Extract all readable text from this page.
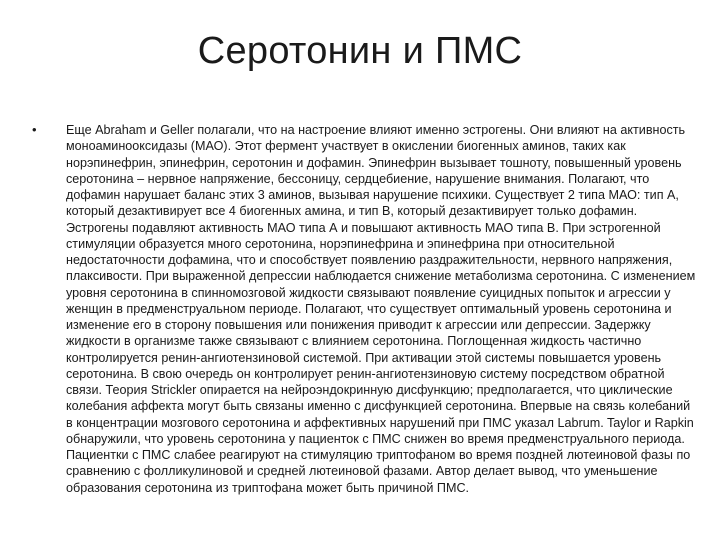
Серотонин и ПМС
• Еще Abraham и Geller полагали, что на настроение влияют именно эстрогены. Они влияют на активность моноаминооксидазы (МАО). Этот фермент участвует в окислении биогенных аминов, таких как норэпинефрин, эпинефрин, серотонин и дофамин. Эпинефрин вызывает тошноту, повышенный уровень серотонина – нервное напряжение, бессоницу, сердцебиение, нарушение внимания. Полагают, что дофамин нарушает баланс этих 3 аминов, вызывая нарушение психики. Существует 2 типа МАО: тип А, который дезактивирует все 4 биогенных амина, и тип В, который дезактивирует только дофамин. Эстрогены подавляют активность МАО типа А и повышают активность МАО типа В. При эстрогенной стимуляции образуется много серотонина, норэпинефрина и эпинефрина при относительной недостаточности дофамина, что и способствует появлению раздражительности, нервного напряжения, плаксивости. При выраженной депрессии наблюдается снижение метаболизма серотонина. С изменением уровня серотонина в спинномозговой жидкости связывают появление суицидных попыток и агрессии у женщин в предменструальном периоде. Полагают, что существует оптимальный уровень серотонина и изменение его в сторону повышения или понижения приводит к агрессии или депрессии. Задержку жидкости в организме также связывают с влиянием серотонина. Поглощенная жидкость частично контролируется ренин-ангиотензиновой системой. При активации этой системы повышается уровень серотонина. В свою очередь он контролирует ренин-ангиотензиновую систему посредством обратной связи. Теория Strickler опирается на нейроэндокринную дисфункцию; предполагается, что циклические колебания аффекта могут быть связаны именно с дисфункцией серотонина. Впервые на связь колебаний в концентрации мозгового серотонина и аффективных нарушений при ПМС указал Labrum. Taylor и Rapkin обнаружили, что уровень серотонина у пациенток с ПМС снижен во время предменструального периода. Пациентки с ПМС слабее реагируют на стимуляцию триптофаном во время поздней лютеиновой фазы по сравнению с фолликулиновой и средней лютеиновой фазами. Автор делает вывод, что уменьшение образования серотонина из триптофана может быть причиной ПМС.
